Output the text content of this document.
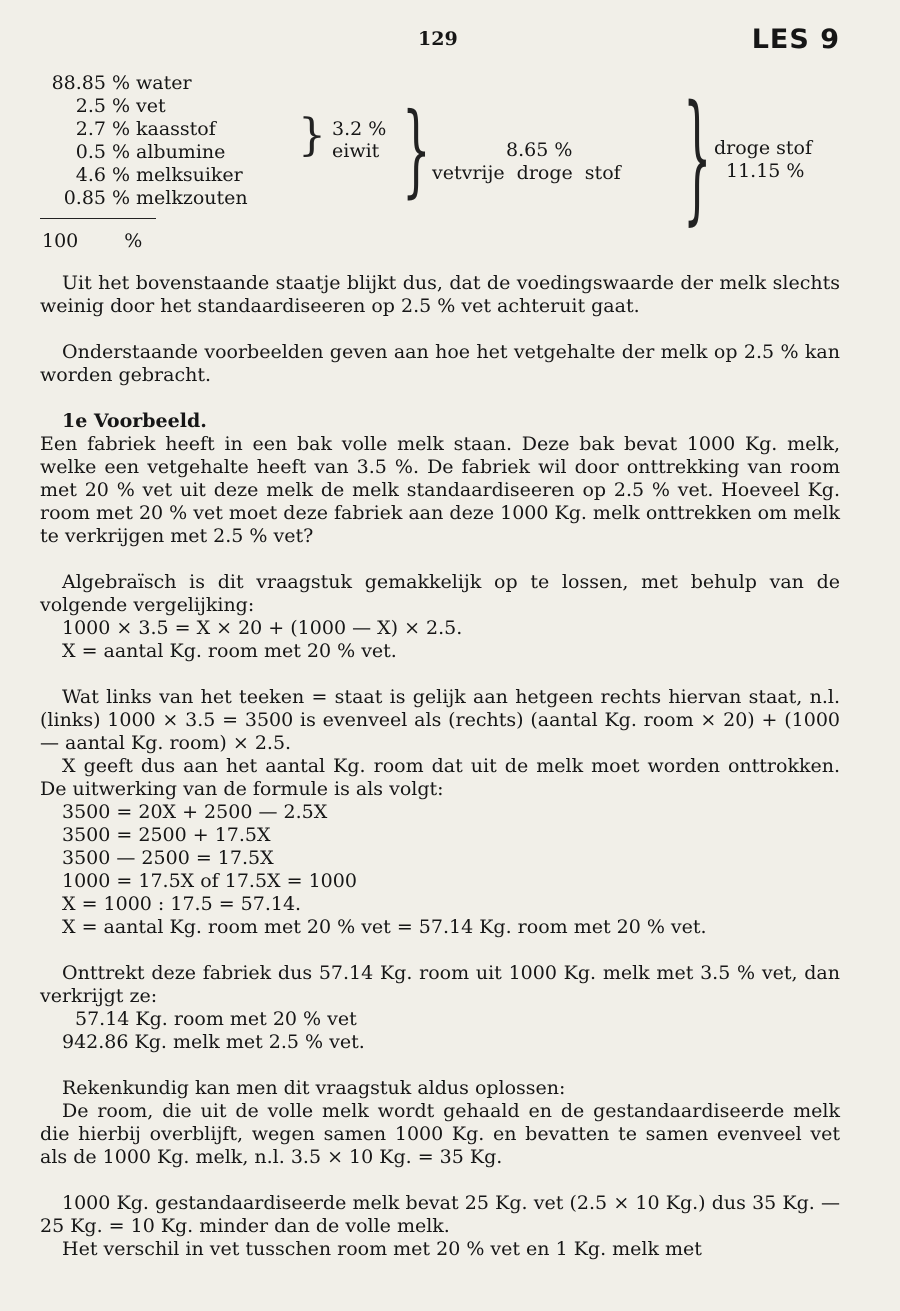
129	LES 9
88.85 % water
2.5 % vet
2.7 % kaasstof
0.5 % albumine
4.6 % melksuiker
0.85 % melkzouten
100 %
} 3.2 %
eiwit }	8.65 %
vetvrije droge stof } droge stof
11.15 %

Uit het bovenstaande staatje blijkt dus, dat de voedingswaarde der melk slechts weinig door het standaardiseeren op 2.5 % vet achteruit gaat.

Onderstaande voorbeelden geven aan hoe het vetgehalte der melk op 2.5 % kan worden gebracht.

1e Voorbeeld.

Een fabriek heeft in een bak volle melk staan. Deze bak bevat 1000 Kg. melk, welke een vetgehalte heeft van 3.5 %. De fabriek wil door onttrekking van room met 20 % vet uit deze melk de melk standaardiseeren op 2.5 % vet. Hoeveel Kg. room met 20 % vet moet deze fabriek aan deze 1000 Kg. melk onttrekken om melk te verkrijgen met 2.5 % vet?

Algebraïsch is dit vraagstuk gemakkelijk op te lossen, met behulp van de volgende vergelijking:

1000 × 3.5 = X × 20 + (1000 — X) × 2.5.
X = aantal Kg. room met 20 % vet.

Wat links van het teeken = staat is gelijk aan hetgeen rechts hiervan staat, n.l. (links) 1000 × 3.5 = 3500 is evenveel als (rechts) (aantal Kg. room × 20) + (1000 — aantal Kg. room) × 2.5.

X geeft dus aan het aantal Kg. room dat uit de melk moet worden onttrokken. De uitwerking van de formule is als volgt:

3500 = 20X + 2500 — 2.5X
3500 = 2500 + 17.5X
3500 — 2500 = 17.5X
1000 = 17.5X of 17.5X = 1000
X = 1000 : 17.5 = 57.14.
X = aantal Kg. room met 20 % vet = 57.14 Kg. room met 20 % vet.

Onttrekt deze fabriek dus 57.14 Kg. room uit 1000 Kg. melk met 3.5 % vet, dan verkrijgt ze:

57.14 Kg. room met 20 % vet
942.86 Kg. melk met 2.5 % vet.
Rekenkundig kan men dit vraagstuk aldus oplossen:

De room, die uit de volle melk wordt gehaald en de gestandaardiseerde melk die hierbij overblijft, wegen samen 1000 Kg. en bevatten te samen evenveel vet als de 1000 Kg. melk, n.l. 3.5 × 10 Kg. = 35 Kg.

1000 Kg. gestandaardiseerde melk bevat 25 Kg. vet (2.5 × 10 Kg.) dus 35 Kg. — 25 Kg. = 10 Kg. minder dan de volle melk.

Het verschil in vet tusschen room met 20 % vet en 1 Kg. melk met
